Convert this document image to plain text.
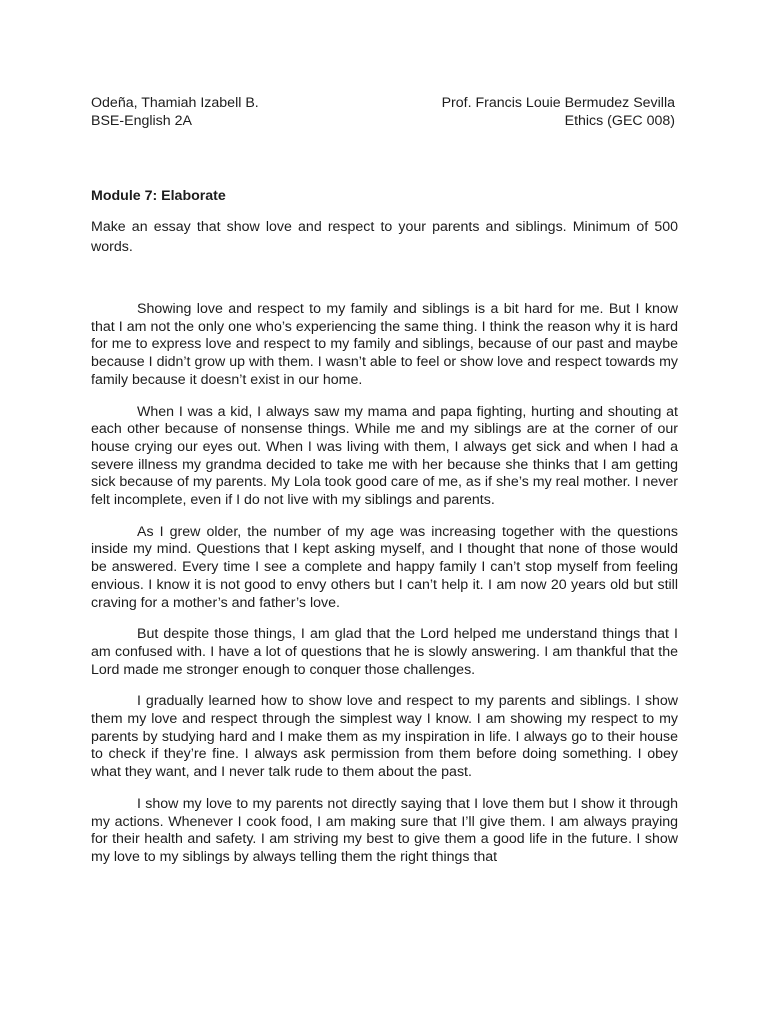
Odeña, Thamiah Izabell B.	Prof. Francis Louie Bermudez Sevilla
BSE-English 2A	Ethics (GEC 008)
Module 7: Elaborate

Make an essay that show love and respect to your parents and siblings. Minimum of 500 words.

Showing love and respect to my family and siblings is a bit hard for me. But I know that I am not the only one who’s experiencing the same thing. I think the reason why it is hard for me to express love and respect to my family and siblings, because of our past and maybe because I didn’t grow up with them. I wasn’t able to feel or show love and respect towards my family because it doesn’t exist in our home.

When I was a kid, I always saw my mama and papa fighting, hurting and shouting at each other because of nonsense things. While me and my siblings are at the corner of our house crying our eyes out. When I was living with them, I always get sick and when I had a severe illness my grandma decided to take me with her because she thinks that I am getting sick because of my parents. My Lola took good care of me, as if she’s my real mother. I never felt incomplete, even if I do not live with my siblings and parents.

As I grew older, the number of my age was increasing together with the questions inside my mind. Questions that I kept asking myself, and I thought that none of those would be answered. Every time I see a complete and happy family I can’t stop myself from feeling envious. I know it is not good to envy others but I can’t help it. I am now 20 years old but still craving for a mother’s and father’s love.

But despite those things, I am glad that the Lord helped me understand things that I am confused with. I have a lot of questions that he is slowly answering. I am thankful that the Lord made me stronger enough to conquer those challenges.

I gradually learned how to show love and respect to my parents and siblings. I show them my love and respect through the simplest way I know. I am showing my respect to my parents by studying hard and I make them as my inspiration in life. I always go to their house to check if they’re fine. I always ask permission from them before doing something. I obey what they want, and I never talk rude to them about the past.

I show my love to my parents not directly saying that I love them but I show it through my actions. Whenever I cook food, I am making sure that I’ll give them. I am always praying for their health and safety. I am striving my best to give them a good life in the future. I show my love to my siblings by always telling them the right things that
